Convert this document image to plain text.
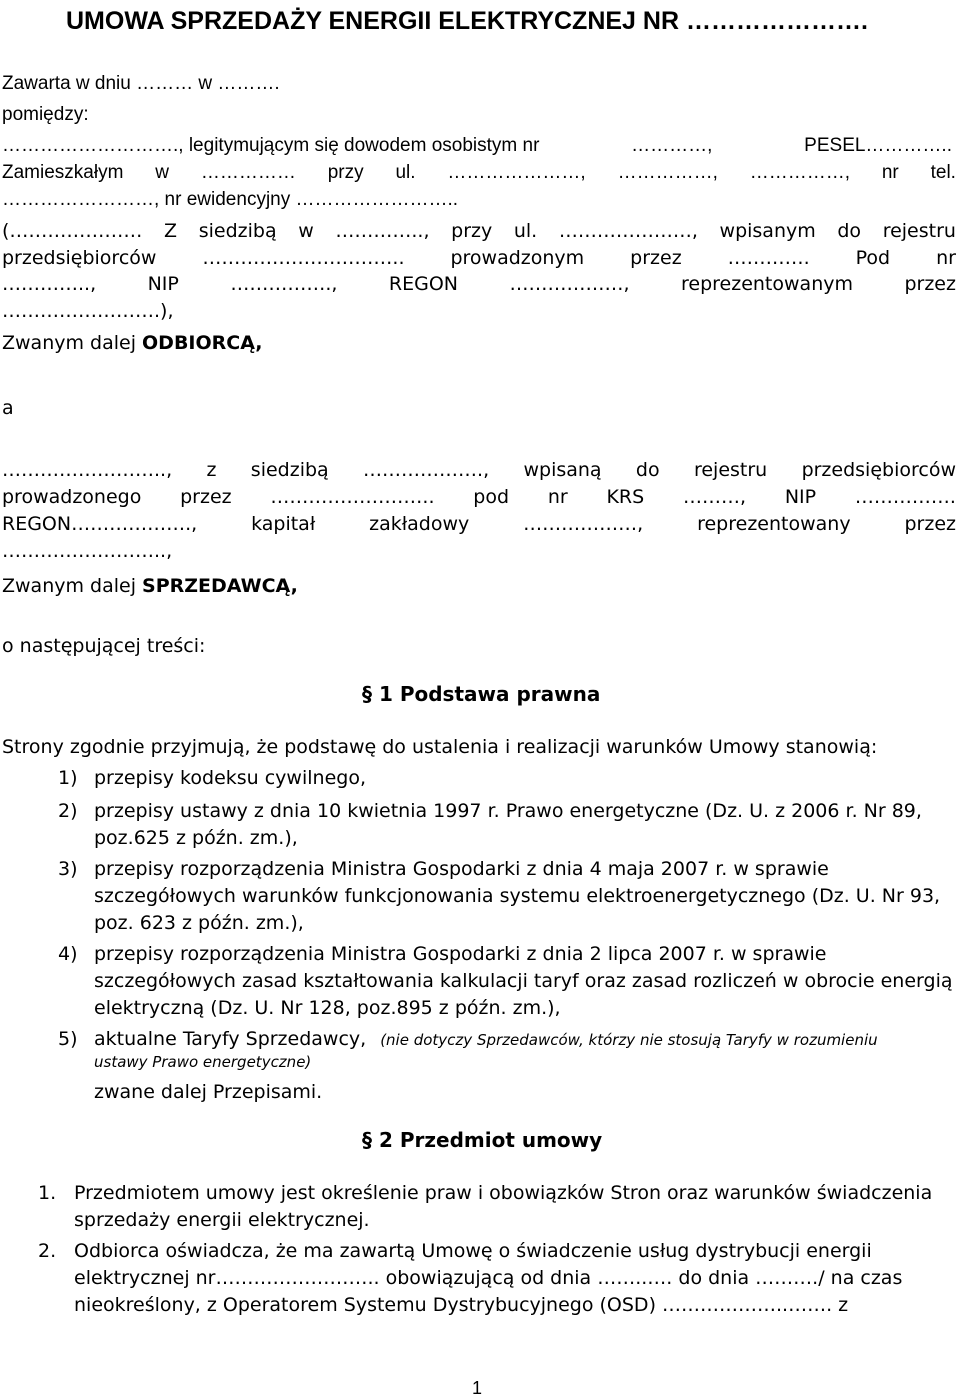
UMOWA SPRZEDAŻY ENERGII ELEKTRYCZNEJ NR ………………….
Zawarta w dniu ……… w ……….
pomiędzy:
………………………., legitymującym się dowodem osobistym nr	…………,	PESEL…………..
Zamieszkałym w …………… przy ul. …………………, ……………, ……………, nr tel.
……………………, nr ewidencyjny ……………………..
(………………… Z siedzibą w ………….., przy ul. …………………, wpisanym do rejestru
przedsiębiorców ………………………….. prowadzonym przez …………. Pod nr
…………..,	NIP	…………….,	REGON	………………,	reprezentowanym	przez
…………………….),
Zwanym dalej ODBIORCĄ,
a
…………………….., z siedzibą ………………., wpisaną do rejestru przedsiębiorców
prowadzonego przez …………………….. pod nr KRS ………, NIP …………….
REGON……………….,	kapitał	zakładowy	………………,	reprezentowany	przez
……………………..,
Zwanym dalej SPRZEDAWCĄ,
o następującej treści:
§ 1 Podstawa prawna
Strony zgodnie przyjmują, że podstawę do ustalenia i realizacji warunków Umowy stanowią:
1) przepisy kodeksu cywilnego,
2) przepisy ustawy z dnia 10 kwietnia 1997 r. Prawo energetyczne (Dz. U. z 2006 r. Nr 89,
poz.625 z późn. zm.),
3) przepisy rozporządzenia Ministra Gospodarki z dnia 4 maja 2007 r. w sprawie
szczegółowych warunków funkcjonowania systemu elektroenergetycznego (Dz. U. Nr 93,
poz. 623 z późn. zm.),
4) przepisy rozporządzenia Ministra Gospodarki z dnia 2 lipca 2007 r. w sprawie
szczegółowych zasad kształtowania kalkulacji taryf oraz zasad rozliczeń w obrocie energią
elektryczną (Dz. U. Nr 128, poz.895 z późn. zm.),
5) aktualne Taryfy Sprzedawcy, (nie dotyczy Sprzedawców, którzy nie stosują Taryfy w rozumieniu
ustawy Prawo energetyczne)
zwane dalej Przepisami.
§ 2 Przedmiot umowy
1. Przedmiotem umowy jest określenie praw i obowiązków Stron oraz warunków świadczenia
sprzedaży energii elektrycznej.
2. Odbiorca oświadcza, że ma zawartą Umowę o świadczenie usług dystrybucji energii
elektrycznej nr…………………….. obowiązującą od dnia ……..…. do dnia ………./ na czas
nieokreślony, z Operatorem Systemu Dystrybucyjnego (OSD) ………………..……. z
1
